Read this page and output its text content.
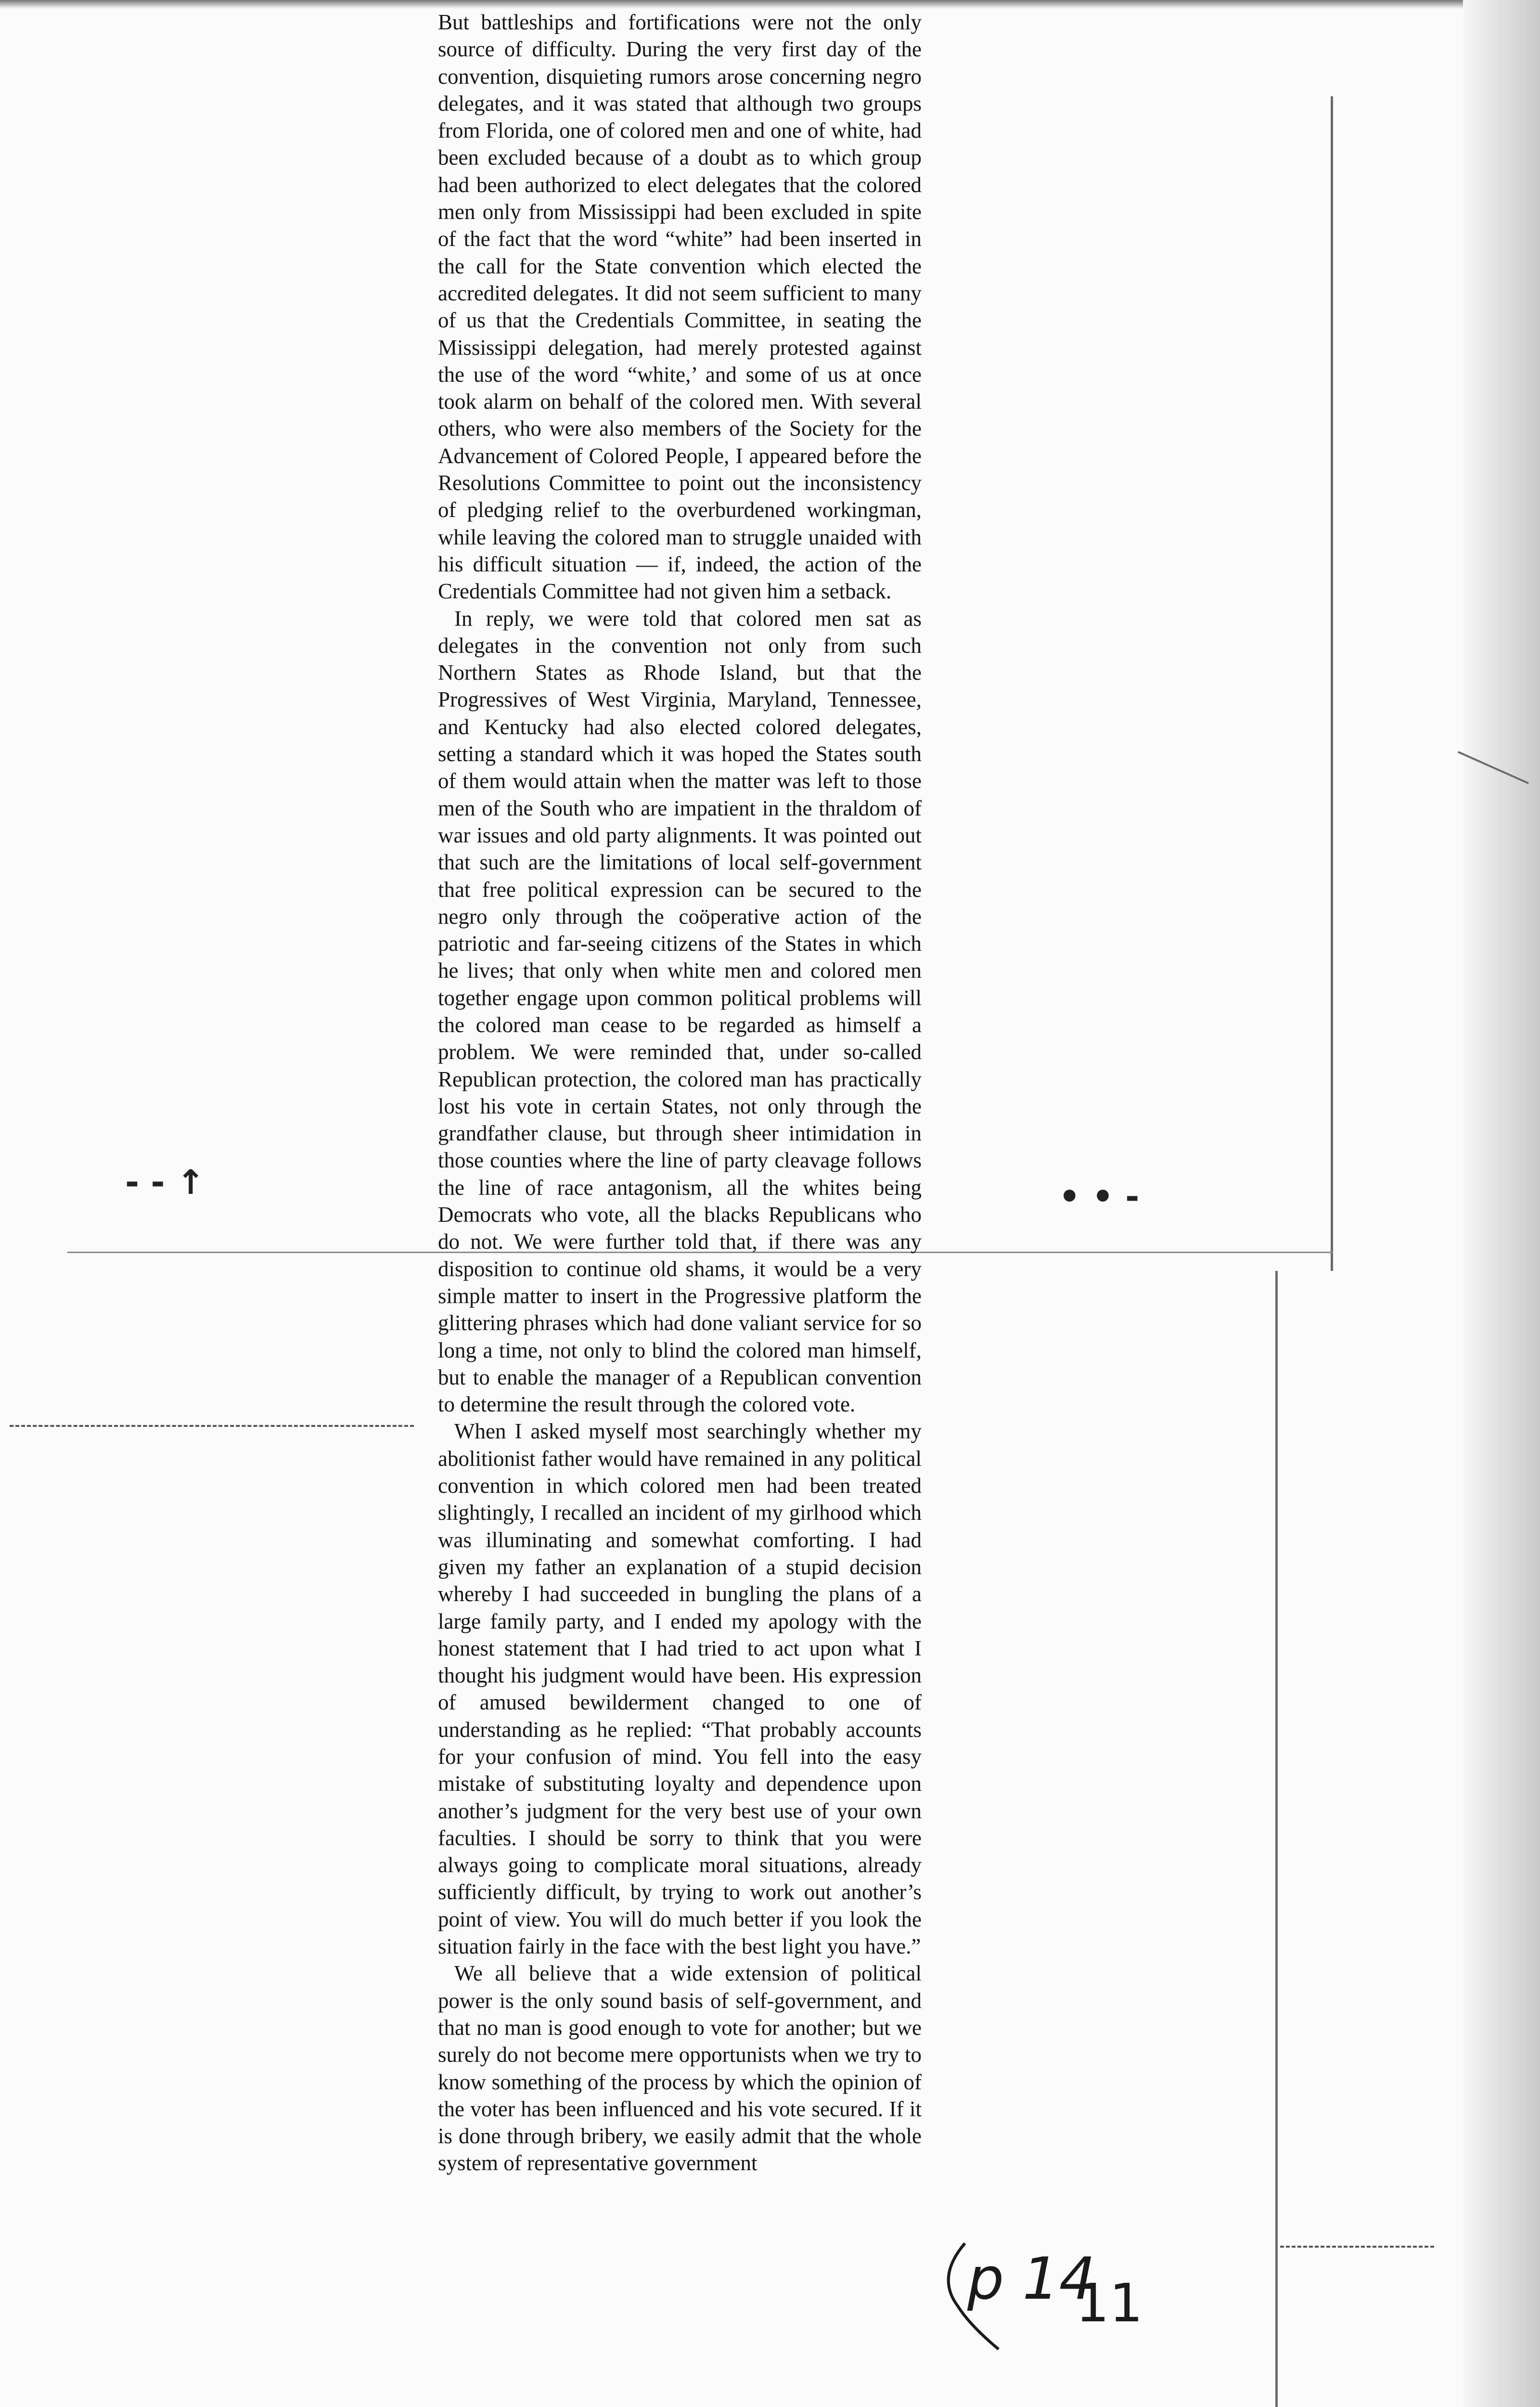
- - ↑	• • -

But battleships and fortifications were not the only source of difficulty. During the very first day of the convention, disquieting rumors arose concerning negro delegates, and it was stated that although two groups from Florida, one of colored men and one of white, had been excluded because of a doubt as to which group had been authorized to elect delegates that the colored men only from Mississippi had been excluded in spite of the fact that the word “white” had been inserted in the call for the State convention which elected the accredited delegates. It did not seem sufficient to many of us that the Credentials Committee, in seating the Mississippi delegation, had merely protested against the use of the word “white,’ and some of us at once took alarm on behalf of the colored men. With several others, who were also members of the Society for the Advancement of Colored People, I appeared before the Resolutions Committee to point out the inconsistency of pledging relief to the overburdened workingman, while leaving the colored man to struggle unaided with his difficult situation — if, indeed, the action of the Credentials Committee had not given him a setback.

In reply, we were told that colored men sat as delegates in the convention not only from such Northern States as Rhode Island, but that the Progressives of West Virginia, Maryland, Tennessee, and Kentucky had also elected colored delegates, setting a standard which it was hoped the States south of them would attain when the matter was left to those men of the South who are impatient in the thraldom of war issues and old party alignments. It was pointed out that such are the limitations of local self-government that free political expression can be secured to the negro only through the coöperative action of the patriotic and far-seeing citizens of the States in which he lives; that only when white men and colored men together engage upon common political problems will the colored man cease to be regarded as himself a problem. We were reminded that, under so-called Republican protection, the colored man has practically lost his vote in certain States, not only through the grandfather clause, but through sheer intimidation in those counties where the line of party cleavage follows the line of race antagonism, all the whites being Democrats who vote, all the blacks Republicans who do not. We were further told that, if there was any disposition to continue old shams, it would be a very simple matter to insert in the Progressive platform the glittering phrases which had done valiant service for so long a time, not only to blind the colored man himself, but to enable the manager of a Republican convention to determine the result through the colored vote.

When I asked myself most searchingly whether my abolitionist father would have remained in any political convention in which colored men had been treated slightingly, I recalled an incident of my girlhood which was illuminating and somewhat comforting. I had given my father an explanation of a stupid decision whereby I had succeeded in bungling the plans of a large family party, and I ended my apology with the honest statement that I had tried to act upon what I thought his judgment would have been. His expression of amused bewilderment changed to one of understanding as he replied: “That probably accounts for your confusion of mind. You fell into the easy mistake of substituting loyalty and dependence upon another’s judgment for the very best use of your own faculties. I should be sorry to think that you were always going to complicate moral situations, already sufficiently difficult, by trying to work out another’s point of view. You will do much better if you look the situation fairly in the face with the best light you have.”

We all believe that a wide extension of political power is the only sound basis of self-government, and that no man is good enough to vote for another; but we surely do not become mere opportunists when we try to know something of the process by which the opinion of the voter has been influenced and his vote secured. If it is done through bribery, we easily admit that the whole system of representative government

p 14
11
